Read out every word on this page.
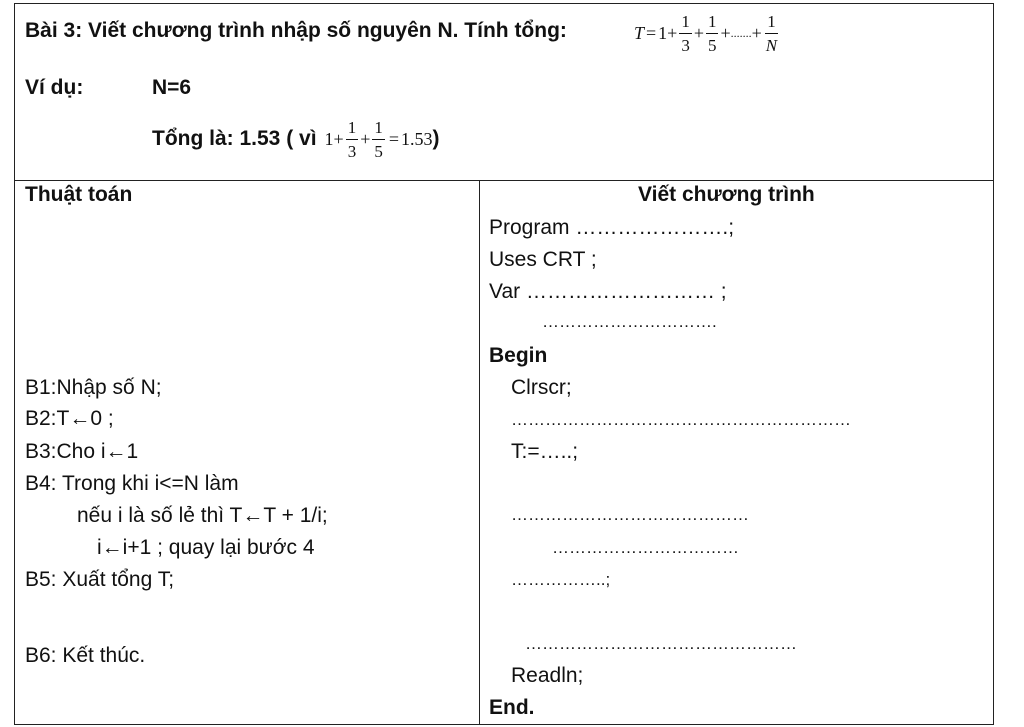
Bài 3: Viết chương trình nhập số nguyên N. Tính tổng:	$T = 1 + \frac{1}{3} + \frac{1}{5}$ + ....... + $\frac{1}{N}$
Ví dụ:	N=6
Tổng là: 1.53 ( vì $1 + \frac{1}{3} + \frac{1}{5} = 1.53$ )
Thuật toán
B1:Nhập số N;
B2:T←0 ;
B3:Cho i←1
B4: Trong khi i<=N làm
nếu i là số lẻ thì T←T + 1/i;
i←i+1 ; quay lại bước 4
B5: Xuất tổng T;
B6: Kết thúc.
Viết chương trình
Program ………………….;
Uses CRT ;
Var ……………………… ;
………………………….
Begin
Clrscr;
……………………………………………………
T:=…..;
……………………………………
……………………………
……………..;
…………………………………………
Readln;
End.
